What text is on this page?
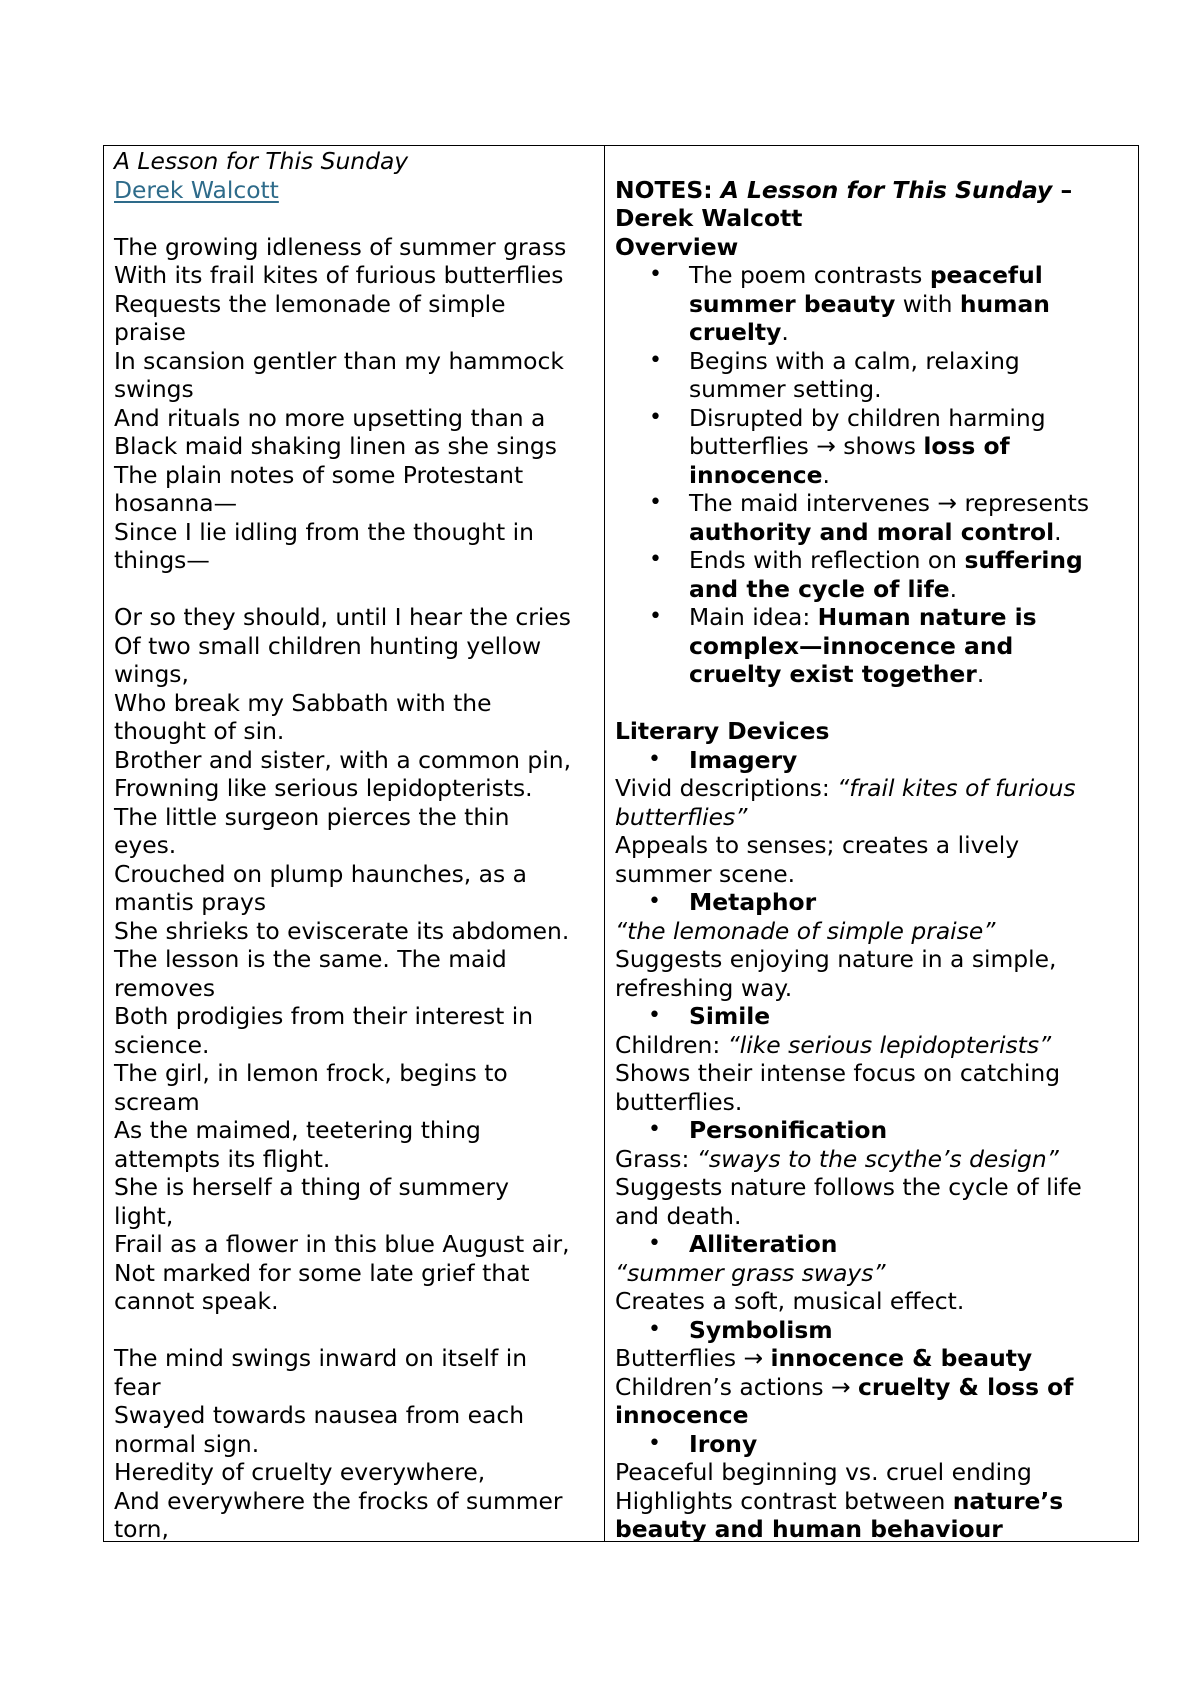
A Lesson for This Sunday
Derek Walcott
The growing idleness of summer grass
With its frail kites of furious butterflies
Requests the lemonade of simple
praise
In scansion gentler than my hammock
swings
And rituals no more upsetting than a
Black maid shaking linen as she sings
The plain notes of some Protestant
hosanna—
Since I lie idling from the thought in
things—
Or so they should, until I hear the cries
Of two small children hunting yellow
wings,
Who break my Sabbath with the
thought of sin.
Brother and sister, with a common pin,
Frowning like serious lepidopterists.
The little surgeon pierces the thin
eyes.
Crouched on plump haunches, as a
mantis prays
She shrieks to eviscerate its abdomen.
The lesson is the same. The maid
removes
Both prodigies from their interest in
science.
The girl, in lemon frock, begins to
scream
As the maimed, teetering thing
attempts its flight.
She is herself a thing of summery
light,
Frail as a flower in this blue August air,
Not marked for some late grief that
cannot speak.
The mind swings inward on itself in
fear
Swayed towards nausea from each
normal sign.
Heredity of cruelty everywhere,
And everywhere the frocks of summer
torn,
NOTES: A Lesson for This Sunday –
Derek Walcott
Overview
• The poem contrasts peaceful
summer beauty with human
cruelty.
• Begins with a calm, relaxing
summer setting.
• Disrupted by children harming
butterflies → shows loss of
innocence.
• The maid intervenes → represents
authority and moral control.
• Ends with reflection on suffering
and the cycle of life.
• Main idea: Human nature is
complex—innocence and
cruelty exist together.
Literary Devices
• Imagery
Vivid descriptions: “frail kites of furious
butterflies”
Appeals to senses; creates a lively
summer scene.
• Metaphor
“the lemonade of simple praise”
Suggests enjoying nature in a simple,
refreshing way.
• Simile
Children: “like serious lepidopterists”
Shows their intense focus on catching
butterflies.
• Personification
Grass: “sways to the scythe’s design”
Suggests nature follows the cycle of life
and death.
• Alliteration
“summer grass sways”
Creates a soft, musical effect.
• Symbolism
Butterflies → innocence & beauty
Children’s actions → cruelty & loss of
innocence
• Irony
Peaceful beginning vs. cruel ending
Highlights contrast between nature’s
beauty and human behaviour
